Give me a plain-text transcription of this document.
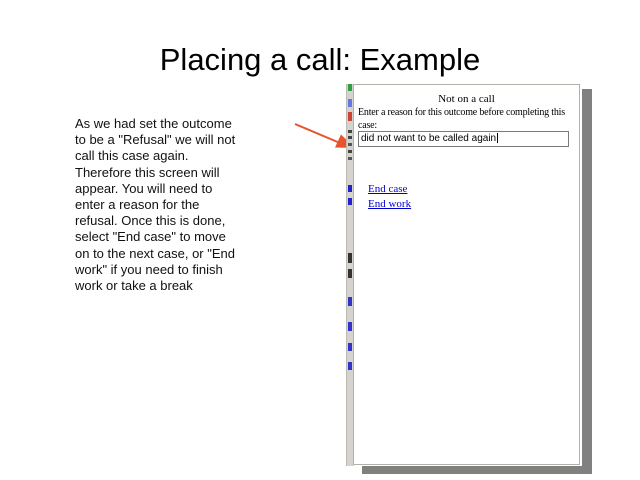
Placing a call: Example
As we had set the outcome
to be a "Refusal" we will not
call this case again.
Therefore this screen will
appear. You will need to
enter a reason for the
refusal. Once this is done,
select "End case" to move
on to the next case, or "End
work" if you need to finish
work or take a break
Not on a call
Enter a reason for this outcome before completing this
case:
did not want to be called again
End case
End work
